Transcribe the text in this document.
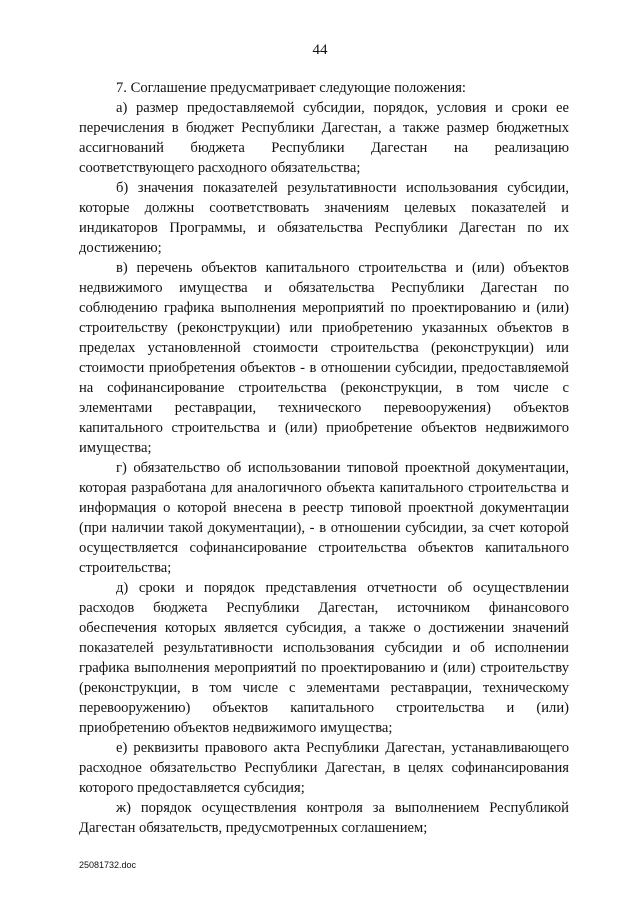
44

7. Соглашение предусматривает следующие положения:

а) размер предоставляемой субсидии, порядок, условия и сроки ее перечисления в бюджет Республики Дагестан, а также размер бюджетных ассигнований бюджета Республики Дагестан на реализацию соответствующего расходного обязательства;

б) значения показателей результативности использования субсидии, которые должны соответствовать значениям целевых показателей и индикаторов Программы, и обязательства Республики Дагестан по их достижению;

в) перечень объектов капитального строительства и (или) объектов недвижимого имущества и обязательства Республики Дагестан по соблюдению графика выполнения мероприятий по проектированию и (или) строительству (реконструкции) или приобретению указанных объектов в пределах установленной стоимости строительства (реконструкции) или стоимости приобретения объектов - в отношении субсидии, предоставляемой на софинансирование строительства (реконструкции, в том числе с элементами реставрации, технического перевооружения) объектов капитального строительства и (или) приобретение объектов недвижимого имущества;

г) обязательство об использовании типовой проектной документации, которая разработана для аналогичного объекта капитального строительства и информация о которой внесена в реестр типовой проектной документации (при наличии такой документации), - в отношении субсидии, за счет которой осуществляется софинансирование строительства объектов капитального строительства;

д) сроки и порядок представления отчетности об осуществлении расходов бюджета Республики Дагестан, источником финансового обеспечения которых является субсидия, а также о достижении значений показателей результативности использования субсидии и об исполнении графика выполнения мероприятий по проектированию и (или) строительству (реконструкции, в том числе с элементами реставрации, техническому перевооружению) объектов капитального строительства и (или) приобретению объектов недвижимого имущества;

е) реквизиты правового акта Республики Дагестан, устанавливающего расходное обязательство Республики Дагестан, в целях софинансирования которого предоставляется субсидия;

ж) порядок осуществления контроля за выполнением Республикой Дагестан обязательств, предусмотренных соглашением;

25081732.doc
